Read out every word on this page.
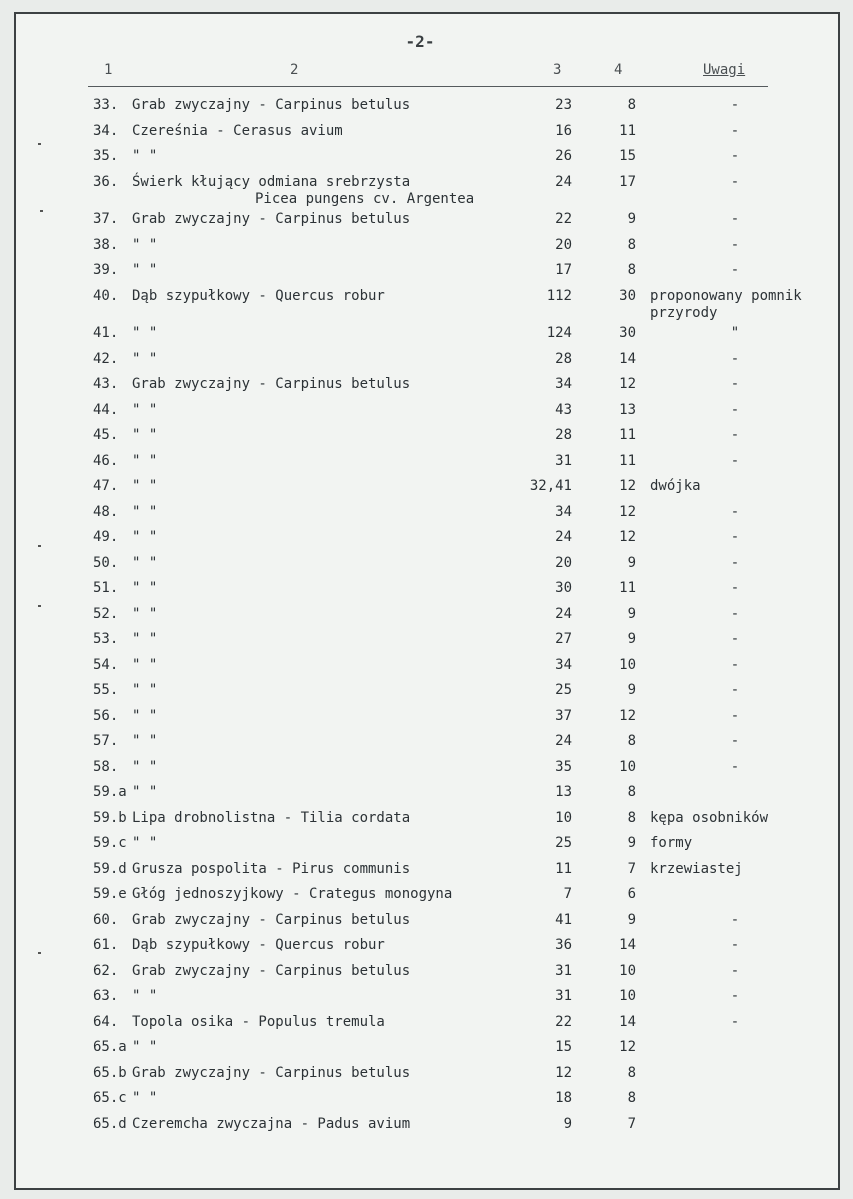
-2-
1	2	3	4	Uwagi
33. Grab zwyczajny - Carpinus betulus	23	8	-
34. Czereśnia - Cerasus avium	16	11	-
35. " "	26	15	-
36. Świerk kłujący odmiana srebrzysta
Picea pungens cv. Argentea
24	17	-
37. Grab zwyczajny - Carpinus betulus	22	9	-
38. " "	20	8	-
39. " "	17	8	-
40. Dąb szypułkowy - Quercus robur	112	30 proponowany pomnik
przyrody
41. " "	124	30	"
42. " "	28	14	-
43. Grab zwyczajny - Carpinus betulus	34	12	-
44. " "	43	13	-
45. " "	28	11	-
46. " "	31	11	-
47. " "	32,41	12 dwójka
48. " "	34	12	-
49. " "	24	12	-
50. " "	20	9	-
51. " "	30	11	-
52. " "	24	9	-
53. " "	27	9	-
54. " "	34	10	-
55. " "	25	9	-
56. " "	37	12	-
57. " "	24	8	-
58. " "	35	10	-
59.a " "	13	8
59.b Lipa drobnolistna - Tilia cordata	10	8 kępa osobników
59.c " "	25	9 formy
59.d Grusza pospolita - Pirus communis	11	7 krzewiastej
59.e Głóg jednoszyjkowy - Crategus monogyna	7	6
60. Grab zwyczajny - Carpinus betulus	41	9	-
61. Dąb szypułkowy - Quercus robur	36	14	-
62. Grab zwyczajny - Carpinus betulus	31	10	-
63. " "	31	10	-
64. Topola osika - Populus tremula	22	14	-
65.a " "	15	12
65.b Grab zwyczajny - Carpinus betulus	12	8
65.c " "	18	8
65.d Czeremcha zwyczajna - Padus avium	9	7
